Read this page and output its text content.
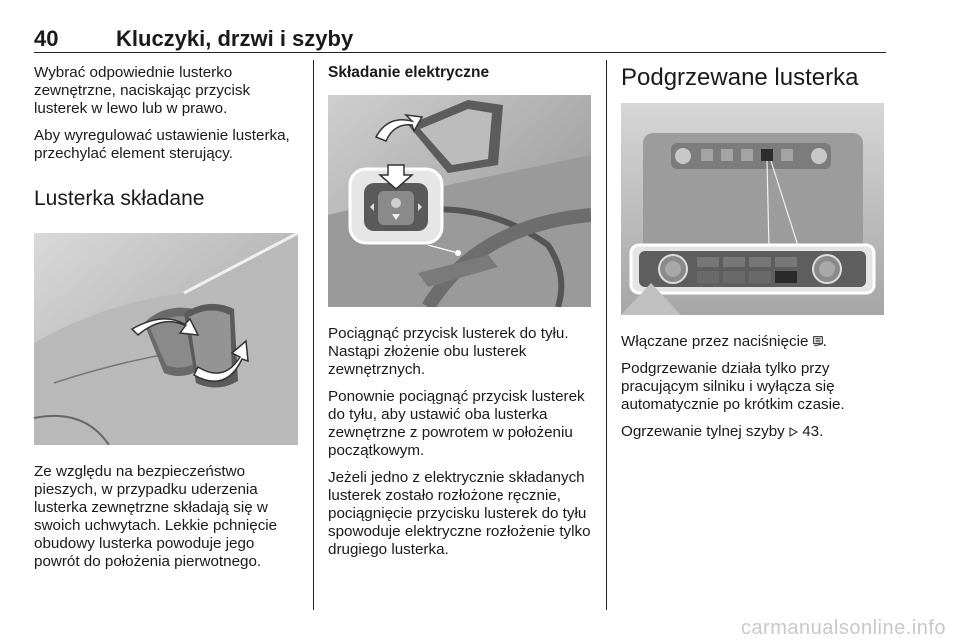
40	Kluczyki, drzwi i szyby

Wybrać odpowiednie lusterko zewnętrzne, naciskając przycisk lusterek w lewo lub w prawo.

Aby wyregulować ustawienie lusterka, przechylać element sterujący.

Lusterka składane

Ze względu na bezpieczeństwo pieszych, w przypadku uderzenia lusterka zewnętrzne składają się w swoich uchwytach. Lekkie pchnięcie obudowy lusterka powoduje jego powrót do położenia pierwotnego.

Składanie elektryczne

Pociągnąć przycisk lusterek do tyłu. Nastąpi złożenie obu lusterek zewnętrznych.

Ponownie pociągnąć przycisk lusterek do tyłu, aby ustawić oba lusterka zewnętrzne z powrotem w położeniu początkowym.

Jeżeli jedno z elektrycznie składanych lusterek zostało rozłożone ręcznie, pociągnięcie przycisku lusterek do tyłu spowoduje elektryczne rozłożenie tylko drugiego lusterka.

Podgrzewane lusterka

Włączane przez naciśnięcie .

Podgrzewanie działa tylko przy pracującym silniku i wyłącza się automatycznie po krótkim czasie.

Ogrzewanie tylnej szyby 43.

carmanualsonline.info
